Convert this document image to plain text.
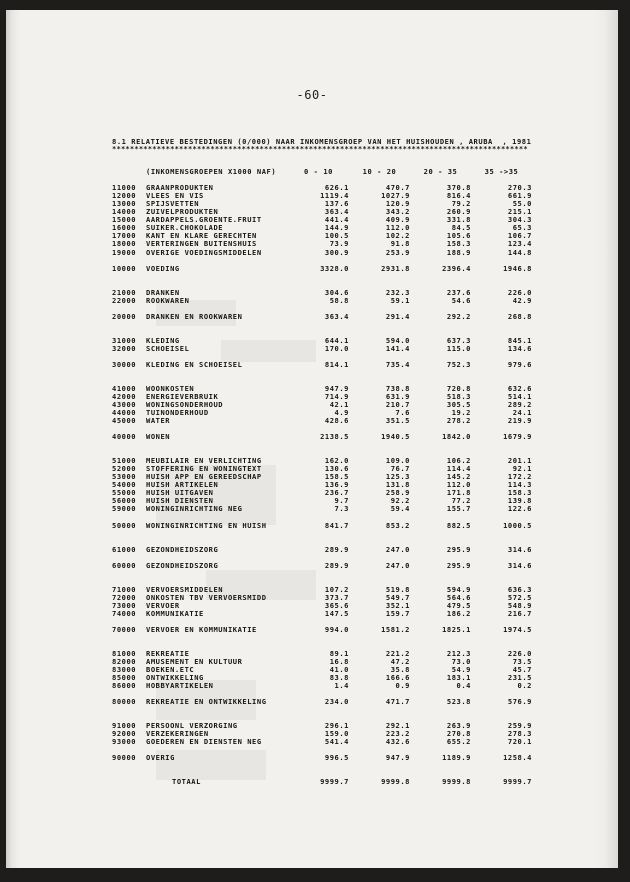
-60-
8.1 RELATIEVE BESTEDINGEN (0/000) NAAR INKOMENSGROEP VAN HET HUISHOUDEN , ARUBA  , 1981
*********************************************************************************************
	(INKOMENSGROEPEN X1000 NAF)	0 - 10	10 - 20	20 - 35	35 ->35

11000	GRAANPRODUKTEN	626.1	470.7	370.8	270.3
12000	VLEES EN VIS	1119.4	1027.9	816.4	661.9
13000	SPIJSVETTEN	137.6	120.9	79.2	55.0
14000	ZUIVELPRODUKTEN	363.4	343.2	260.9	215.1
15000	AARDAPPELS.GROENTE.FRUIT	441.4	409.9	331.8	304.3
16000	SUIKER.CHOKOLADE	144.9	112.0	84.5	65.3
17000	KANT EN KLARE GERECHTEN	100.5	102.2	105.6	106.7
18000	VERTERINGEN BUITENSHUIS	73.9	91.8	158.3	123.4
19000	OVERIGE VOEDINGSMIDDELEN	300.9	253.9	188.9	144.8

10000	VOEDING	3328.0	2931.8	2396.4	1946.8

21000	DRANKEN	304.6	232.3	237.6	226.0
22000	ROOKWAREN	58.8	59.1	54.6	42.9

20000	DRANKEN EN ROOKWAREN	363.4	291.4	292.2	268.8

31000	KLEDING	644.1	594.0	637.3	845.1
32000	SCHOEISEL	170.0	141.4	115.0	134.6

30000	KLEDING EN SCHOEISEL	814.1	735.4	752.3	979.6

41000	WOONKOSTEN	947.9	738.8	720.8	632.6
42000	ENERGIEVERBRUIK	714.9	631.9	518.3	514.1
43000	WONINGSONDERHOUD	42.1	210.7	305.5	289.2
44000	TUINONDERHOUD	4.9	7.6	19.2	24.1
45000	WATER	428.6	351.5	278.2	219.9

40000	WONEN	2138.5	1940.5	1842.0	1679.9

51000	MEUBILAIR EN VERLICHTING	162.0	109.0	106.2	201.1
52000	STOFFERING EN WONINGTEXT	130.6	76.7	114.4	92.1
53000	HUISH APP EN GEREEDSCHAP	158.5	125.3	145.2	172.2
54000	HUISH ARTIKELEN	136.9	131.8	112.0	114.3
55000	HUISH UITGAVEN	236.7	258.9	171.8	158.3
56000	HUISH DIENSTEN	9.7	92.2	77.2	139.8
59000	WONINGINRICHTING NEG	7.3	59.4	155.7	122.6

50000	WONINGINRICHTING EN HUISH	841.7	853.2	882.5	1000.5

61000	GEZONDHEIDSZORG	289.9	247.0	295.9	314.6

60000	GEZONDHEIDSZORG	289.9	247.0	295.9	314.6

71000	VERVOERSMIDDELEN	107.2	519.8	594.9	636.3
72000	ONKOSTEN TBV VERVOERSMIDD	373.7	549.7	564.6	572.5
73000	VERVOER	365.6	352.1	479.5	548.9
74000	KOMMUNIKATIE	147.5	159.7	186.2	216.7

70000	VERVOER EN KOMMUNIKATIE	994.0	1581.2	1825.1	1974.5

81000	REKREATIE	89.1	221.2	212.3	226.0
82000	AMUSEMENT EN KULTUUR	16.8	47.2	73.0	73.5
83000	BOEKEN.ETC	41.0	35.8	54.9	45.7
85000	ONTWIKKELING	83.8	166.6	183.1	231.5
86000	HOBBYARTIKELEN	1.4	0.9	0.4	0.2

80000	REKREATIE EN ONTWIKKELING	234.0	471.7	523.8	576.9

91000	PERSOONL VERZORGING	296.1	292.1	263.9	259.9
92000	VERZEKERINGEN	159.0	223.2	270.8	278.3
93000	GOEDEREN EN DIENSTEN NEG	541.4	432.6	655.2	720.1

90000	OVERIG	996.5	947.9	1189.9	1258.4

	TOTAAL	9999.7	9999.8	9999.8	9999.7
